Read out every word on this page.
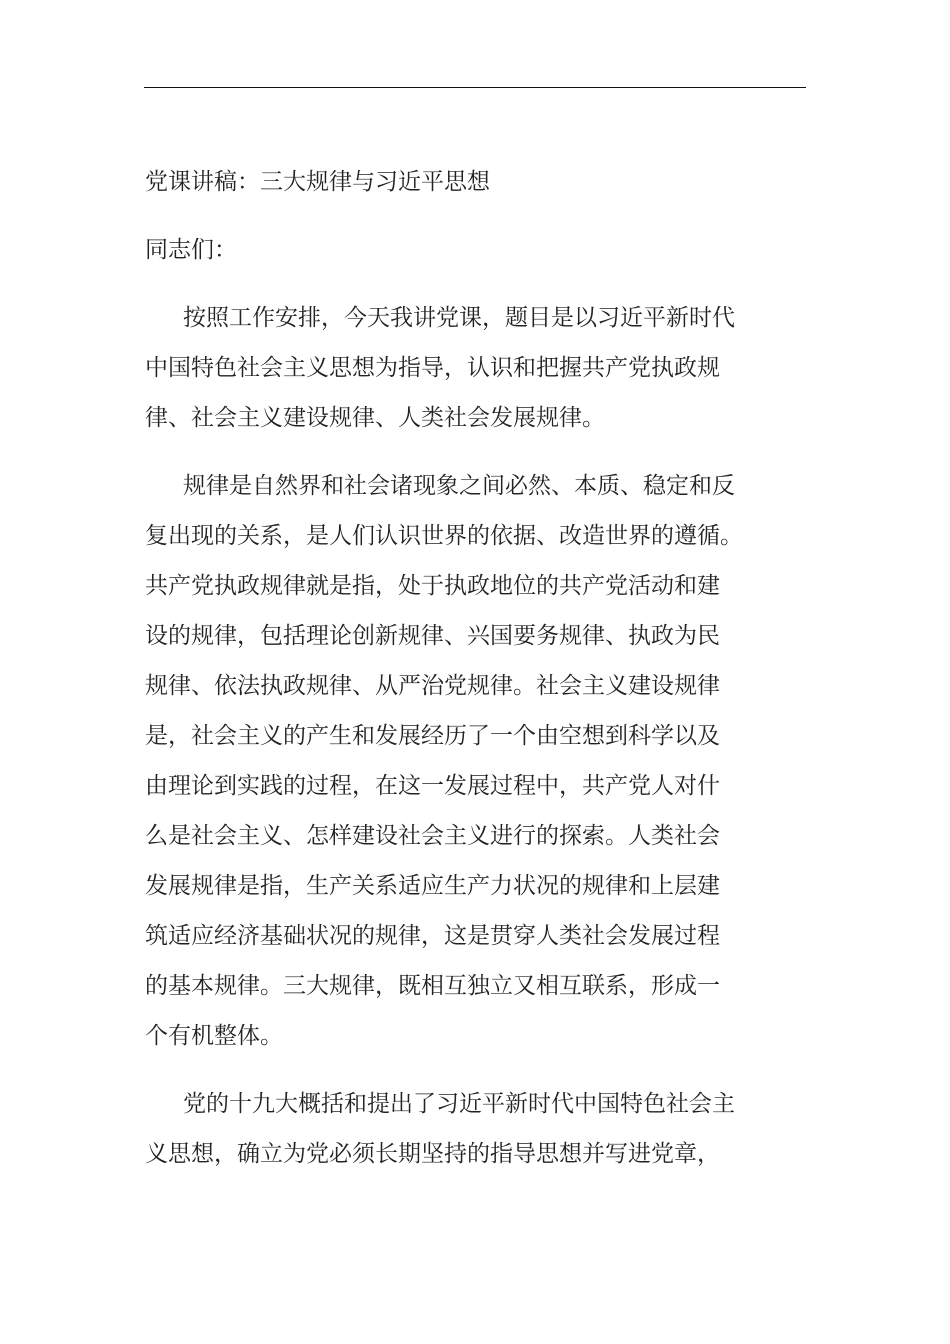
党课讲稿：三大规律与习近平思想
同志们：
按照工作安排，今天我讲党课，题目是以习近平新时代
中国特色社会主义思想为指导，认识和把握共产党执政规
律、社会主义建设规律、人类社会发展规律。
规律是自然界和社会诸现象之间必然、本质、稳定和反
复出现的关系，是人们认识世界的依据、改造世界的遵循。
共产党执政规律就是指，处于执政地位的共产党活动和建
设的规律，包括理论创新规律、兴国要务规律、执政为民
规律、依法执政规律、从严治党规律。社会主义建设规律
是，社会主义的产生和发展经历了一个由空想到科学以及
由理论到实践的过程，在这一发展过程中，共产党人对什
么是社会主义、怎样建设社会主义进行的探索。人类社会
发展规律是指，生产关系适应生产力状况的规律和上层建
筑适应经济基础状况的规律，这是贯穿人类社会发展过程
的基本规律。三大规律，既相互独立又相互联系，形成一
个有机整体。
党的十九大概括和提出了习近平新时代中国特色社会主
义思想，确立为党必须长期坚持的指导思想并写进党章，
